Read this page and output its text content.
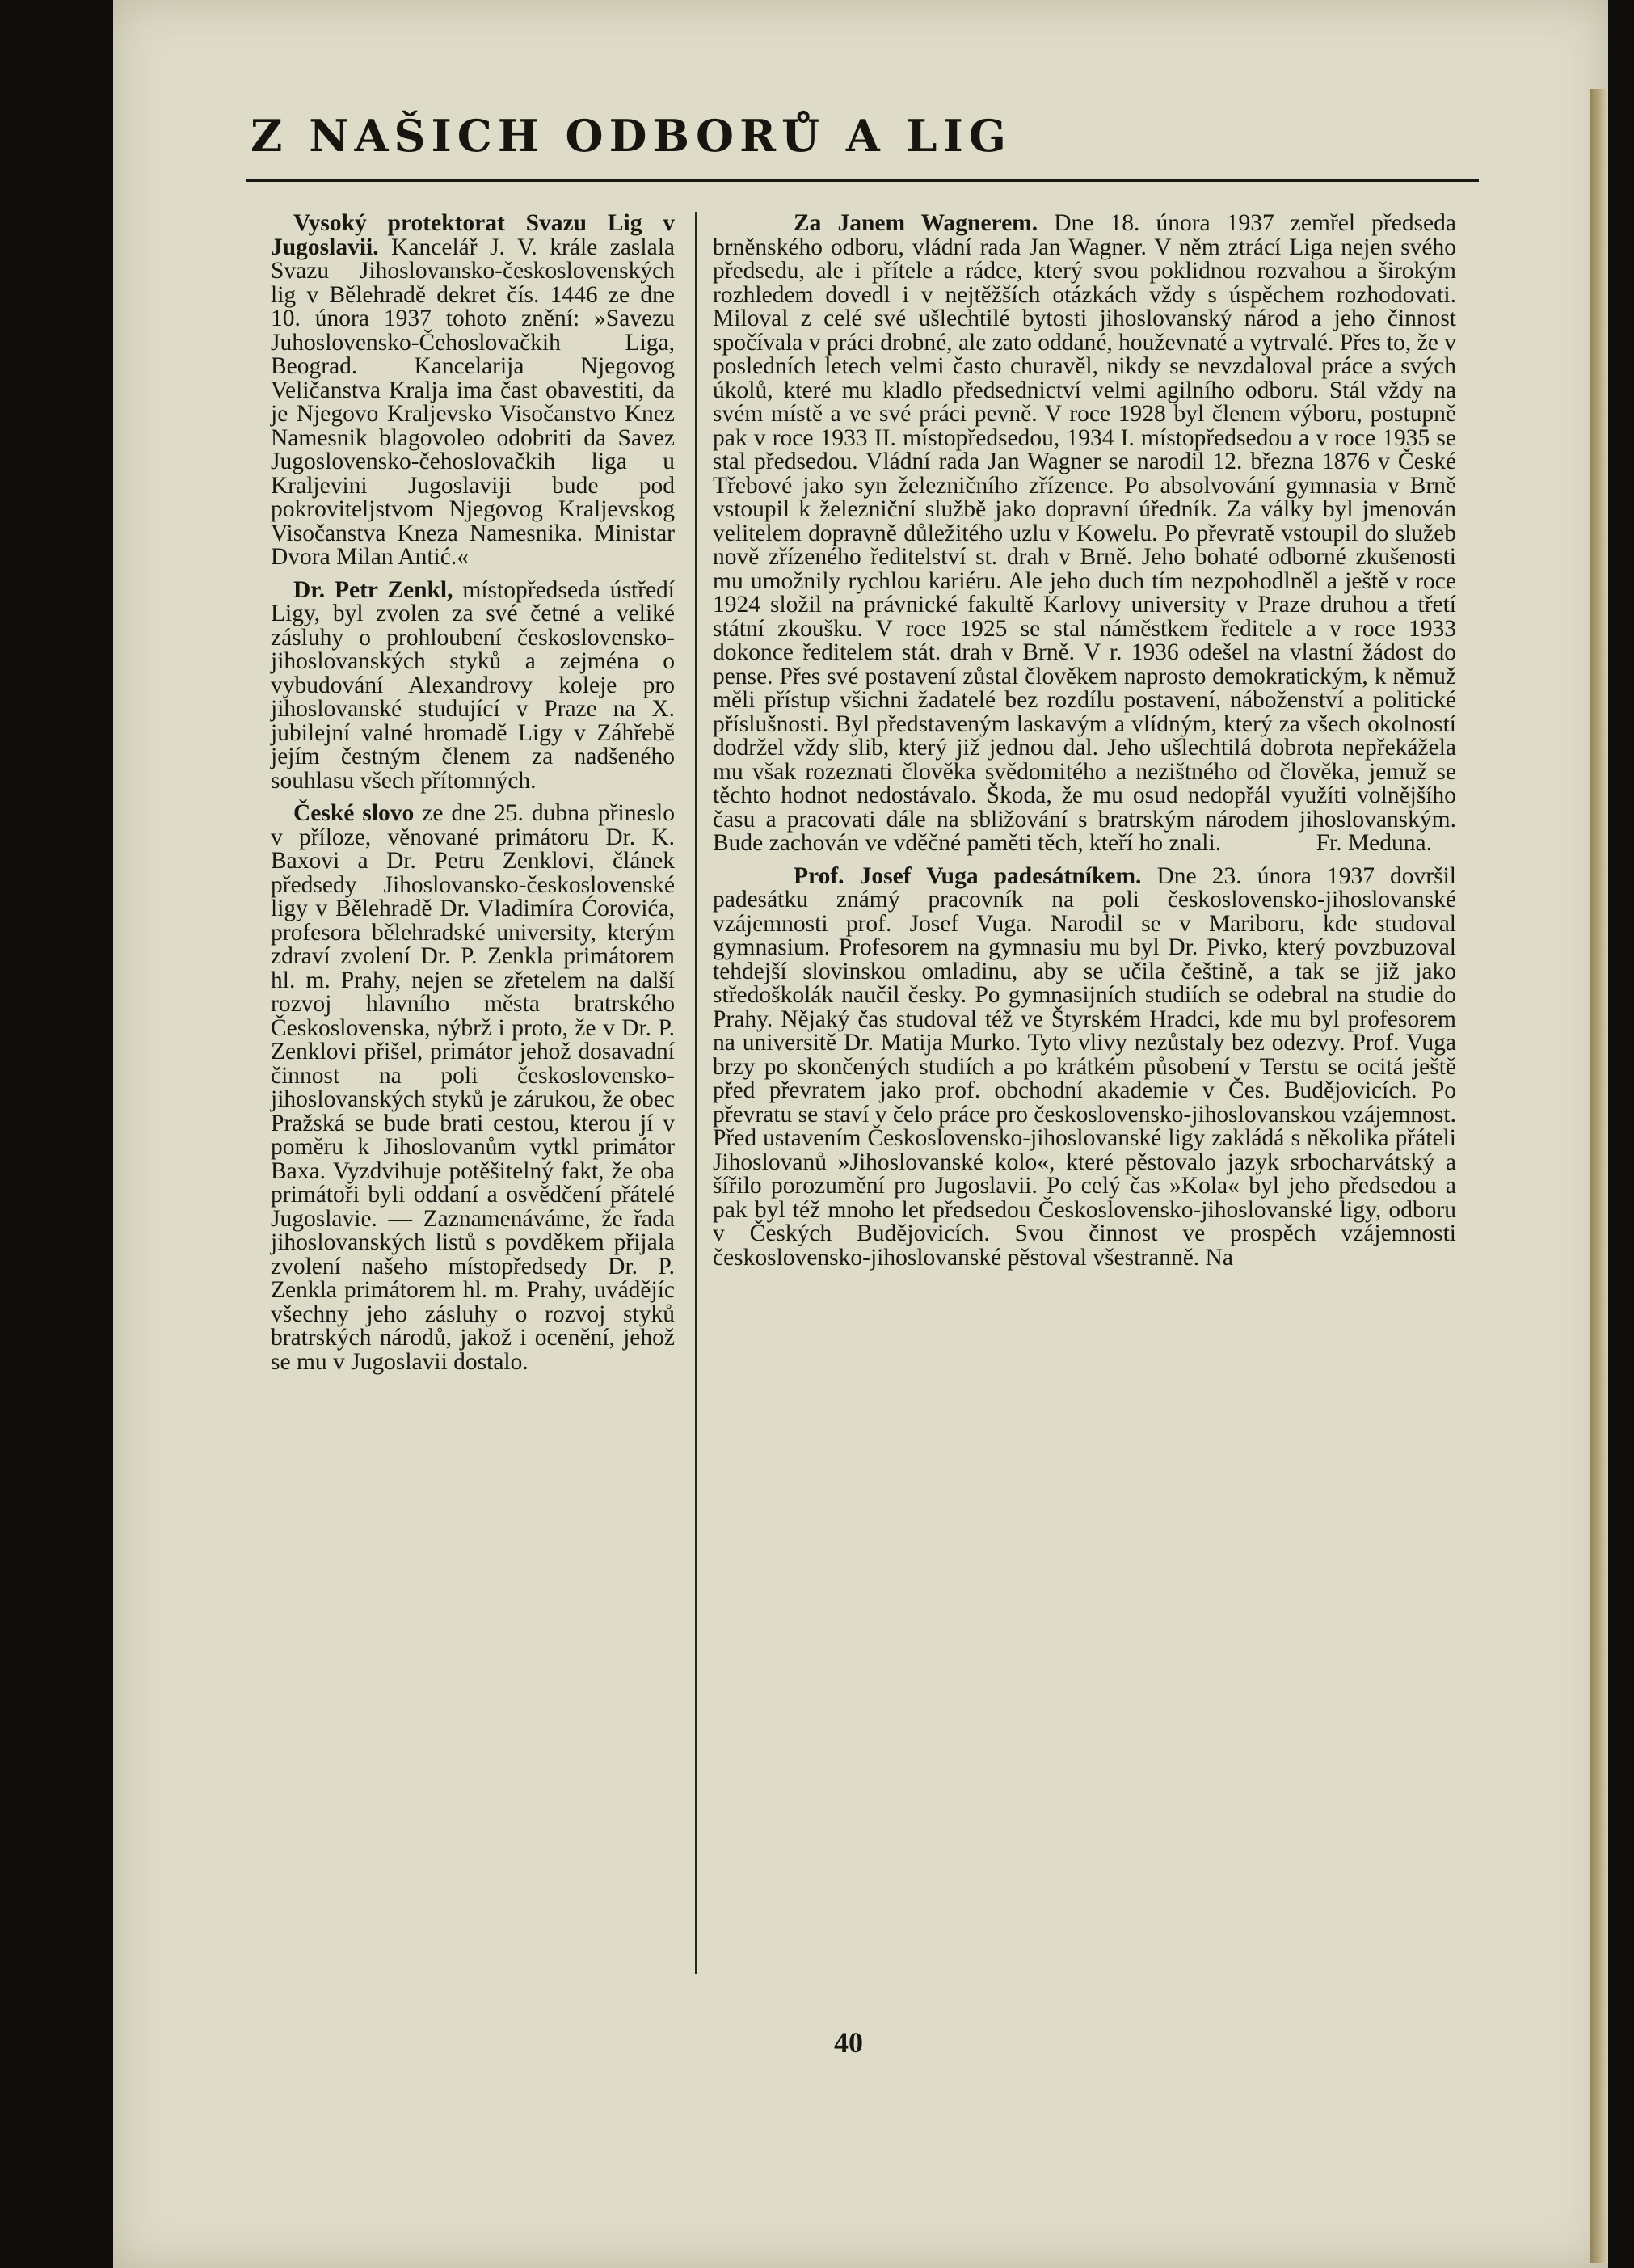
Z NAŠICH ODBORŮ A LIG

Vysoký protektorat Svazu Lig v Jugoslavii. Kancelář J. V. krále zaslala Svazu Jihoslovansko-československých lig v Bělehradě dekret čís. 1446 ze dne 10. února 1937 tohoto znění: »Savezu Juhoslovensko-Čehoslovačkih Liga, Beograd. Kancelarija Njegovog Veličanstva Kralja ima čast obavestiti, da je Njegovo Kraljevsko Visočanstvo Knez Namesnik blagovoleo odobriti da Savez Jugoslovensko-čehoslovačkih liga u Kraljevini Jugoslaviji bude pod pokroviteljstvom Njegovog Kraljevskog Visočanstva Kneza Namesnika. Ministar Dvora Milan Antić.«

Dr. Petr Zenkl, místopředseda ústředí Ligy, byl zvolen za své četné a veliké zásluhy o prohloubení československo-jihoslovanských styků a zejména o vybudování Alexandrovy koleje pro jihoslovanské studující v Praze na X. jubilejní valné hromadě Ligy v Záhřebě jejím čestným členem za nadšeného souhlasu všech přítomných.

České slovo ze dne 25. dubna přineslo v příloze, věnované primátoru Dr. K. Baxovi a Dr. Petru Zenklovi, článek předsedy Jihoslovansko-československé ligy v Bělehradě Dr. Vladimíra Ćorovića, profesora bělehradské university, kterým zdraví zvolení Dr. P. Zenkla primátorem hl. m. Prahy, nejen se zřetelem na další rozvoj hlavního města bratrského Československa, nýbrž i proto, že v Dr. P. Zenklovi přišel, primátor jehož dosavadní činnost na poli československo-jihoslovanských styků je zárukou, že obec Pražská se bude brati cestou, kterou jí v poměru k Jihoslovanům vytkl primátor Baxa. Vyzdvihuje potěšitelný fakt, že oba primátoři byli oddaní a osvědčení přátelé Jugoslavie. — Zaznamenáváme, že řada jihoslovanských listů s povděkem přijala zvolení našeho místopředsedy Dr. P. Zenkla primátorem hl. m. Prahy, uvádějíc všechny jeho zásluhy o rozvoj styků bratrských národů, jakož i ocenění, jehož se mu v Jugoslavii dostalo.

Za Janem Wagnerem. Dne 18. února 1937 zemřel předseda brněnského odboru, vládní rada Jan Wagner. V něm ztrácí Liga nejen svého předsedu, ale i přítele a rádce, který svou poklidnou rozvahou a širokým rozhledem dovedl i v nejtěžších otázkách vždy s úspěchem rozhodovati. Miloval z celé své ušlechtilé bytosti jihoslovanský národ a jeho činnost spočívala v práci drobné, ale zato oddané, houževnaté a vytrvalé. Přes to, že v posledních letech velmi často churavěl, nikdy se nevzdaloval práce a svých úkolů, které mu kladlo předsednictví velmi agilního odboru. Stál vždy na svém místě a ve své práci pevně. V roce 1928 byl členem výboru, postupně pak v roce 1933 II. místopředsedou, 1934 I. místopředsedou a v roce 1935 se stal předsedou. Vládní rada Jan Wagner se narodil 12. března 1876 v České Třebové jako syn železničního zřízence. Po absolvování gymnasia v Brně vstoupil k železniční službě jako dopravní úředník. Za války byl jmenován velitelem dopravně důležitého uzlu v Kowelu. Po převratě vstoupil do služeb nově zřízeného ředitelství st. drah v Brně. Jeho bohaté odborné zkušenosti mu umožnily rychlou kariéru. Ale jeho duch tím nezpohodlněl a ještě v roce 1924 složil na právnické fakultě Karlovy university v Praze druhou a třetí státní zkoušku. V roce 1925 se stal náměstkem ředitele a v roce 1933 dokonce ředitelem stát. drah v Brně. V r. 1936 odešel na vlastní žádost do pense. Přes své postavení zůstal člověkem naprosto demokratickým, k němuž měli přístup všichni žadatelé bez rozdílu postavení, náboženství a politické příslušnosti. Byl představeným laskavým a vlídným, který za všech okolností dodržel vždy slib, který již jednou dal. Jeho ušlechtilá dobrota nepřekážela mu však rozeznati člověka svědomitého a nezištného od člověka, jemuž se těchto hodnot nedostávalo. Škoda, že mu osud nedopřál využíti volnějšího času a pracovati dále na sbližování s bratrským národem jihoslovanským. Bude zachován ve vděčné paměti těch, kteří ho znali.	Fr. Meduna.

Prof. Josef Vuga padesátníkem. Dne 23. února 1937 dovršil padesátku známý pracovník na poli československo-jihoslovanské vzájemnosti prof. Josef Vuga. Narodil se v Mariboru, kde studoval gymnasium. Profesorem na gymnasiu mu byl Dr. Pivko, který povzbuzoval tehdejší slovinskou omladinu, aby se učila češtině, a tak se již jako středoškolák naučil česky. Po gymnasijních studiích se odebral na studie do Prahy. Nějaký čas studoval též ve Štyrském Hradci, kde mu byl profesorem na universitě Dr. Matija Murko. Tyto vlivy nezůstaly bez odezvy. Prof. Vuga brzy po skončených studiích a po krátkém působení v Terstu se ocitá ještě před převratem jako prof. obchodní akademie v Čes. Budějovicích. Po převratu se staví v čelo práce pro československo-jihoslovanskou vzájemnost. Před ustavením Československo-jihoslovanské ligy zakládá s několika přáteli Jihoslovanů »Jihoslovanské kolo«, které pěstovalo jazyk srbocharvátský a šířilo porozumění pro Jugoslavii. Po celý čas »Kola« byl jeho předsedou a pak byl též mnoho let předsedou Československo-jihoslovanské ligy, odboru v Českých Budějovicích. Svou činnost ve prospěch vzájemnosti československo-jihoslovanské pěstoval všestranně. Na

40
